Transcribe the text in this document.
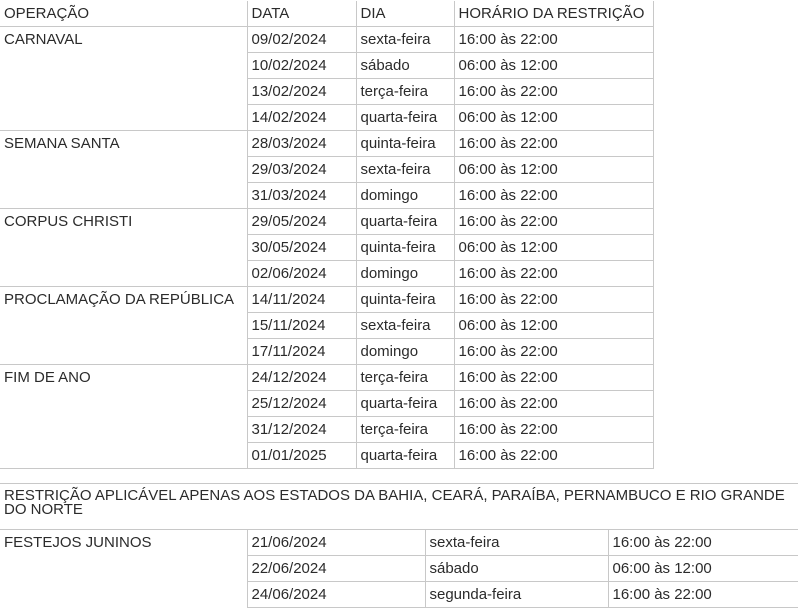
OPERAÇÃO	DATA	DIA	HORÁRIO DA RESTRIÇÃO
CARNAVAL	09/02/2024	sexta-feira	16:00 às 22:00
	10/02/2024	sábado	06:00 às 12:00
	13/02/2024	terça-feira	16:00 às 22:00
	14/02/2024	quarta-feira	06:00 às 12:00
SEMANA SANTA	28/03/2024	quinta-feira	16:00 às 22:00
	29/03/2024	sexta-feira	06:00 às 12:00
	31/03/2024	domingo	16:00 às 22:00
CORPUS CHRISTI	29/05/2024	quarta-feira	16:00 às 22:00
	30/05/2024	quinta-feira	06:00 às 12:00
	02/06/2024	domingo	16:00 às 22:00
PROCLAMAÇÃO DA REPÚBLICA	14/11/2024	quinta-feira	16:00 às 22:00
	15/11/2024	sexta-feira	06:00 às 12:00
	17/11/2024	domingo	16:00 às 22:00
FIM DE ANO	24/12/2024	terça-feira	16:00 às 22:00
	25/12/2024	quarta-feira	16:00 às 22:00
	31/12/2024	terça-feira	16:00 às 22:00
	01/01/2025	quarta-feira	16:00 às 22:00
RESTRIÇÃO APLICÁVEL APENAS AOS ESTADOS DA BAHIA, CEARÁ, PARAÍBA, PERNAMBUCO E RIO GRANDE DO NORTE			
FESTEJOS JUNINOS	21/06/2024	sexta-feira	16:00 às 22:00
	22/06/2024	sábado	06:00 às 12:00
	24/06/2024	segunda-feira	16:00 às 22:00
